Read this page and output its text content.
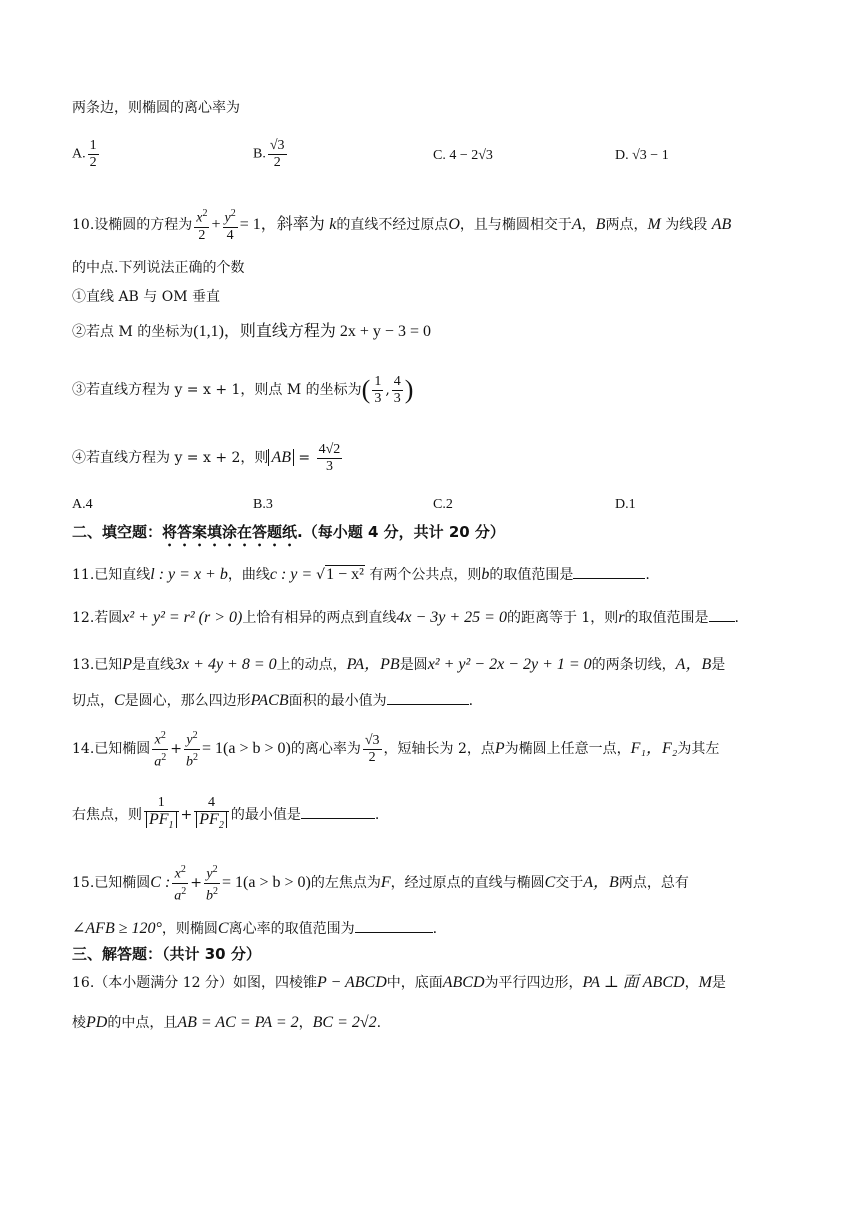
两条边，则椭圆的离心率为
A. $\frac{1}{2}$	B. $\frac{√3}{2}$	C. 4 − 2√3	D. √3 − 1
10.设椭圆的方程为 $\frac{x^2}{2} + \frac{y^2}{4} = 1$，斜率为 k的直线不经过原点O，且与椭圆相交于A，B两点，M 为线段 AB
的中点.下列说法正确的个数
①直线 AB 与 OM 垂直
②若点 M 的坐标为(1,1)，则直线方程为 2x + y − 3 = 0
③若直线方程为 y = x + 1，则点 M 的坐标为( $\frac{1}{3}$ , $\frac{4}{3}$ )
④若直线方程为 y = x + 2，则 AB = $\frac{4√2}{3}$
A.4	B.3	C.2	D.1
二、填空题：将答案填涂在答题纸.（每小题 4 分，共计 20 分）
11.已知直线l : y = x + b，曲线c : y = √1 − x² 有两个公共点，则b的取值范围是	.
12.若圆x² + y² = r² (r > 0)上恰有相异的两点到直线4x − 3y + 25 = 0的距离等于 1，则r的取值范围是 .
13.已知P是直线3x + 4y + 8 = 0上的动点，PA，PB是圆x² + y² − 2x − 2y + 1 = 0的两条切线，A，B是
切点，C是圆心，那么四边形PACB面积的最小值为	.
14.已知椭圆 $\frac{x^2}{a^2} + \frac{y^2}{b^2} = 1(a > b > 0)$的离心率为 $\frac{√3}{2}$ ，短轴长为 2，点P为椭圆上任意一点，F₁，F₂为其左
右焦点，则 $\frac{1}{PF_1} + \frac{4}{PF_2}$ 的最小值是	.
15.已知椭圆C : $\frac{x^2}{a^2} + \frac{y^2}{b^2} = 1(a > b > 0)$的左焦点为F，经过原点的直线与椭圆C交于A，B两点，总有
∠AFB ≥ 120°，则椭圆C离心率的取值范围为	.
三、解答题：（共计 30 分）
16.（本小题满分 12 分）如图，四棱锥P − ABCD中，底面ABCD为平行四边形，PA ⊥ 面 ABCD，M是
棱PD的中点，且AB = AC = PA = 2，BC = 2√2.
